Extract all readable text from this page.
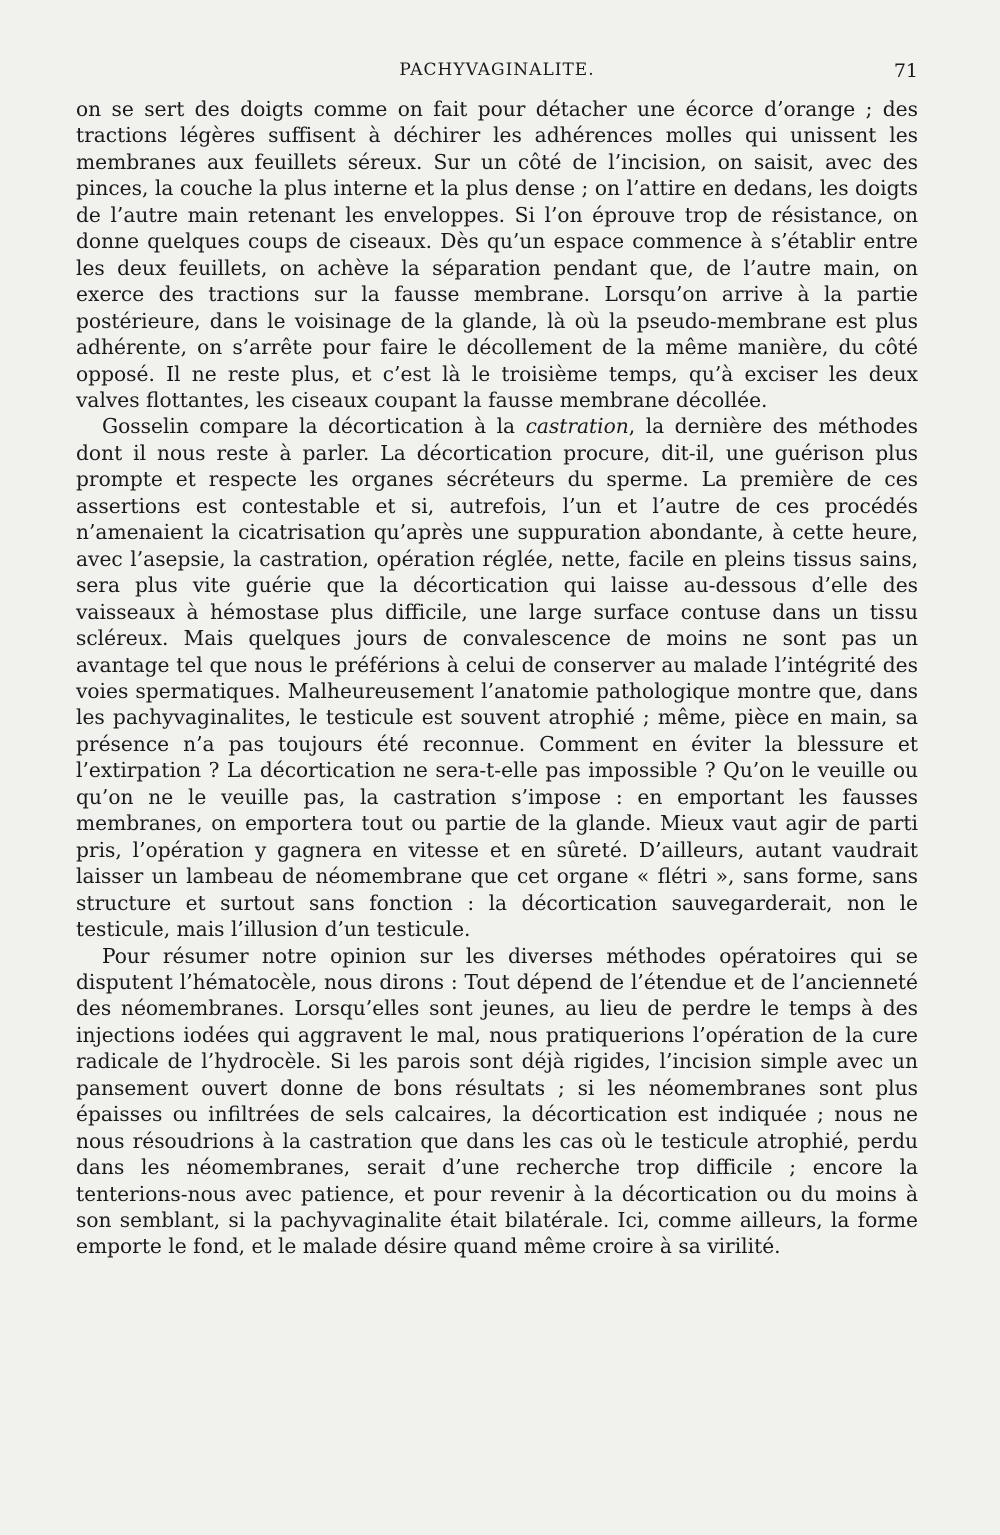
PACHYVAGINALITE.	71

on se sert des doigts comme on fait pour détacher une écorce d’orange ; des tractions légères suffisent à déchirer les adhérences molles qui unissent les membranes aux feuillets séreux. Sur un côté de l’incision, on saisit, avec des pinces, la couche la plus interne et la plus dense ; on l’attire en dedans, les doigts de l’autre main retenant les enveloppes. Si l’on éprouve trop de résistance, on donne quelques coups de ciseaux. Dès qu’un espace commence à s’établir entre les deux feuillets, on achève la séparation pendant que, de l’autre main, on exerce des tractions sur la fausse membrane. Lorsqu’on arrive à la partie postérieure, dans le voisinage de la glande, là où la pseudo-membrane est plus adhérente, on s’arrête pour faire le décollement de la même manière, du côté opposé. Il ne reste plus, et c’est là le troisième temps, qu’à exciser les deux valves flottantes, les ciseaux coupant la fausse membrane décollée.

Gosselin compare la décortication à la castration, la dernière des méthodes dont il nous reste à parler. La décortication procure, dit-il, une guérison plus prompte et respecte les organes sécréteurs du sperme. La première de ces assertions est contestable et si, autrefois, l’un et l’autre de ces procédés n’amenaient la cicatrisation qu’après une suppuration abondante, à cette heure, avec l’asepsie, la castration, opération réglée, nette, facile en pleins tissus sains, sera plus vite guérie que la décortication qui laisse au-dessous d’elle des vaisseaux à hémostase plus difficile, une large surface contuse dans un tissu scléreux. Mais quelques jours de convalescence de moins ne sont pas un avantage tel que nous le préférions à celui de conserver au malade l’intégrité des voies spermatiques. Malheureusement l’anatomie pathologique montre que, dans les pachyvaginalites, le testicule est souvent atrophié ; même, pièce en main, sa présence n’a pas toujours été reconnue. Comment en éviter la blessure et l’extirpation ? La décortication ne sera-t-elle pas impossible ? Qu’on le veuille ou qu’on ne le veuille pas, la castration s’impose : en emportant les fausses membranes, on emportera tout ou partie de la glande. Mieux vaut agir de parti pris, l’opération y gagnera en vitesse et en sûreté. D’ailleurs, autant vaudrait laisser un lambeau de néomembrane que cet organe « flétri », sans forme, sans structure et surtout sans fonction : la décortication sauvegarderait, non le testicule, mais l’illusion d’un testicule.

Pour résumer notre opinion sur les diverses méthodes opératoires qui se disputent l’hématocèle, nous dirons : Tout dépend de l’étendue et de l’ancienneté des néomembranes. Lorsqu’elles sont jeunes, au lieu de perdre le temps à des injections iodées qui aggravent le mal, nous pratiquerions l’opération de la cure radicale de l’hydrocèle. Si les parois sont déjà rigides, l’incision simple avec un pansement ouvert donne de bons résultats ; si les néomembranes sont plus épaisses ou infiltrées de sels calcaires, la décortication est indiquée ; nous ne nous résoudrions à la castration que dans les cas où le testicule atrophié, perdu dans les néomembranes, serait d’une recherche trop difficile ; encore la tenterions-nous avec patience, et pour revenir à la décortication ou du moins à son semblant, si la pachyvaginalite était bilatérale. Ici, comme ailleurs, la forme emporte le fond, et le malade désire quand même croire à sa virilité.
